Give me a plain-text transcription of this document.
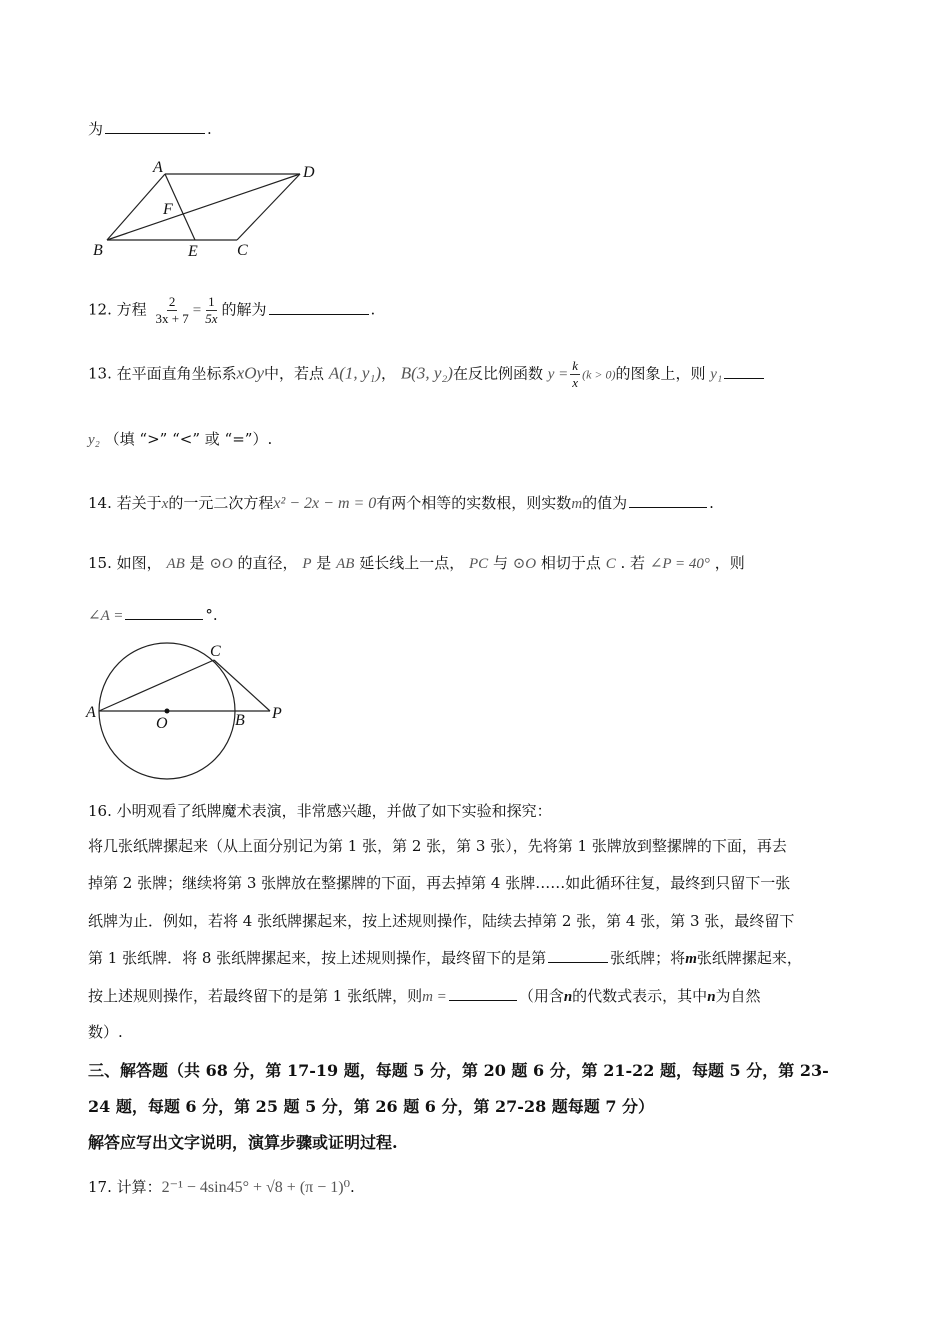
为	.
A	D
F
B	E C
12. 方程 $\frac{2}{3x + 7} = \frac{1}{5x}$ 的解为	.
13. 在平面直角坐标系xOy中，若点 A(1, y₁)， B(3, y₂)在反比例函数 $y = \frac{k}{x} (k > 0)$的图象上，则 y₁
y₂ （填 “>” “<” 或 “=”）.
14. 若关于x的一元二次方程x² − 2x − m = 0有两个相等的实数根，则实数m的值为	.
15. 如图， AB 是 ⊙O 的直径， P 是 AB 延长线上一点， PC 与 ⊙O 相切于点 C . 若 ∠P = 40° ，则
∠A =	°.
C
A
O	B P
16. 小明观看了纸牌魔术表演，非常感兴趣，并做了如下实验和探究：
将几张纸牌摞起来（从上面分别记为第 1 张，第 2 张，第 3 张），先将第 1 张牌放到整摞牌的下面，再去
掉第 2 张牌；继续将第 3 张牌放在整摞牌的下面，再去掉第 4 张牌……如此循环往复，最终到只留下一张
纸牌为止．例如，若将 4 张纸牌摞起来，按上述规则操作，陆续去掉第 2 张，第 4 张，第 3 张，最终留下
第 1 张纸牌．将 8 张纸牌摞起来，按上述规则操作，最终留下的是第	张纸牌；将m张纸牌摞起来，
按上述规则操作，若最终留下的是第 1 张纸牌，则m =	（用含n的代数式表示，其中n为自然
数）.
三、解答题（共 68 分，第 17-19 题，每题 5 分，第 20 题 6 分，第 21-22 题，每题 5 分，第 23-
24 题，每题 6 分，第 25 题 5 分，第 26 题 6 分，第 27-28 题每题 7 分）
解答应写出文字说明，演算步骤或证明过程.
17. 计算：2⁻¹ − 4sin45° + √8 + (π − 1)⁰.
